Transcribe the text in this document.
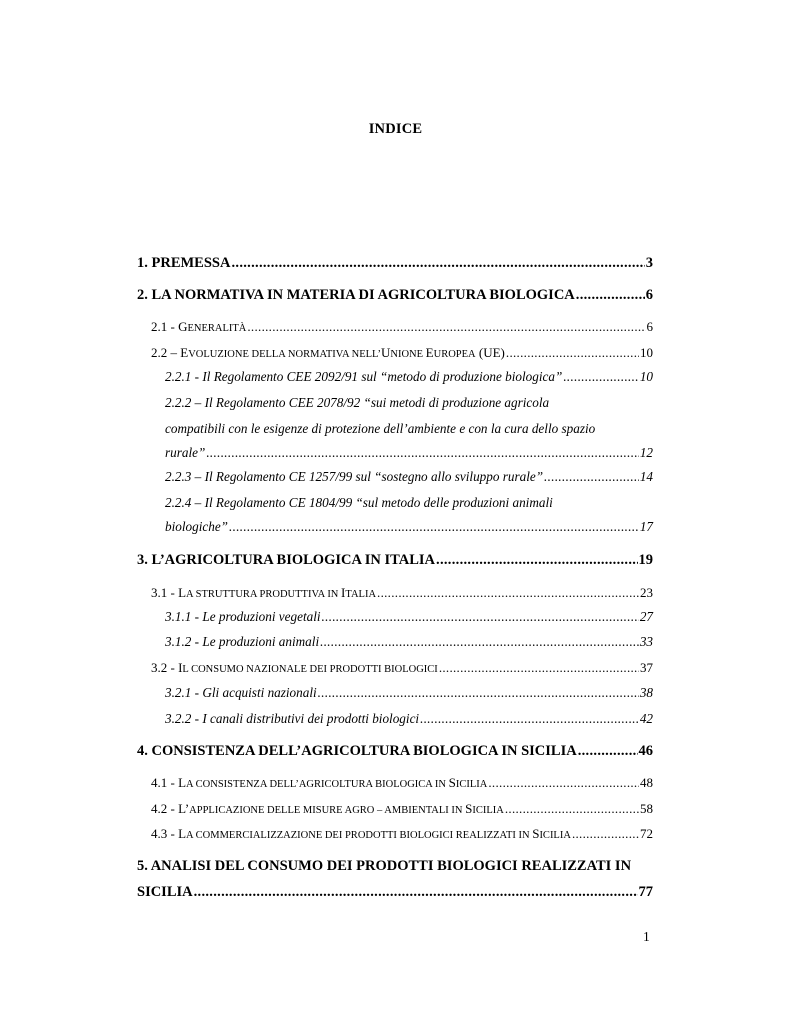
INDICE
1. PREMESSA .....	3
2. LA NORMATIVA IN MATERIA DI AGRICOLTURA BIOLOGICA .....	6
2.1 - GENERALITÀ .....	6
2.2 – EVOLUZIONE DELLA NORMATIVA NELL’UNIONE EUROPEA (UE) .....	10
2.2.1 - Il Regolamento CEE 2092/91 sul “metodo di produzione biologica” .....	10
2.2.2 – Il Regolamento CEE 2078/92 “sui metodi di produzione agricola
compatibili con le esigenze di protezione dell’ambiente e con la cura dello spazio
rurale” .....	12
2.2.3 – Il Regolamento CE 1257/99 sul “sostegno allo sviluppo rurale” .....	14
2.2.4 – Il Regolamento CE 1804/99 “sul metodo delle produzioni animali
biologiche” .....	17
3. L’AGRICOLTURA BIOLOGICA IN ITALIA .....	19
3.1 - LA STRUTTURA PRODUTTIVA IN ITALIA .....	23
3.1.1 - Le produzioni vegetali .....	27
3.1.2 - Le produzioni animali .....	33
3.2 - IL CONSUMO NAZIONALE DEI PRODOTTI BIOLOGICI .....	37
3.2.1 - Gli acquisti nazionali .....	38
3.2.2 - I canali distributivi dei prodotti biologici .....	42
4. CONSISTENZA DELL’AGRICOLTURA BIOLOGICA IN SICILIA .....	46
4.1 - LA CONSISTENZA DELL’AGRICOLTURA BIOLOGICA IN SICILIA .....	48
4.2 - L’APPLICAZIONE DELLE MISURE AGRO – AMBIENTALI IN SICILIA .....	58
4.3 - LA COMMERCIALIZZAZIONE DEI PRODOTTI BIOLOGICI REALIZZATI IN SICILIA .....	72
5. ANALISI DEL CONSUMO DEI PRODOTTI BIOLOGICI REALIZZATI IN
SICILIA .....	77
1
